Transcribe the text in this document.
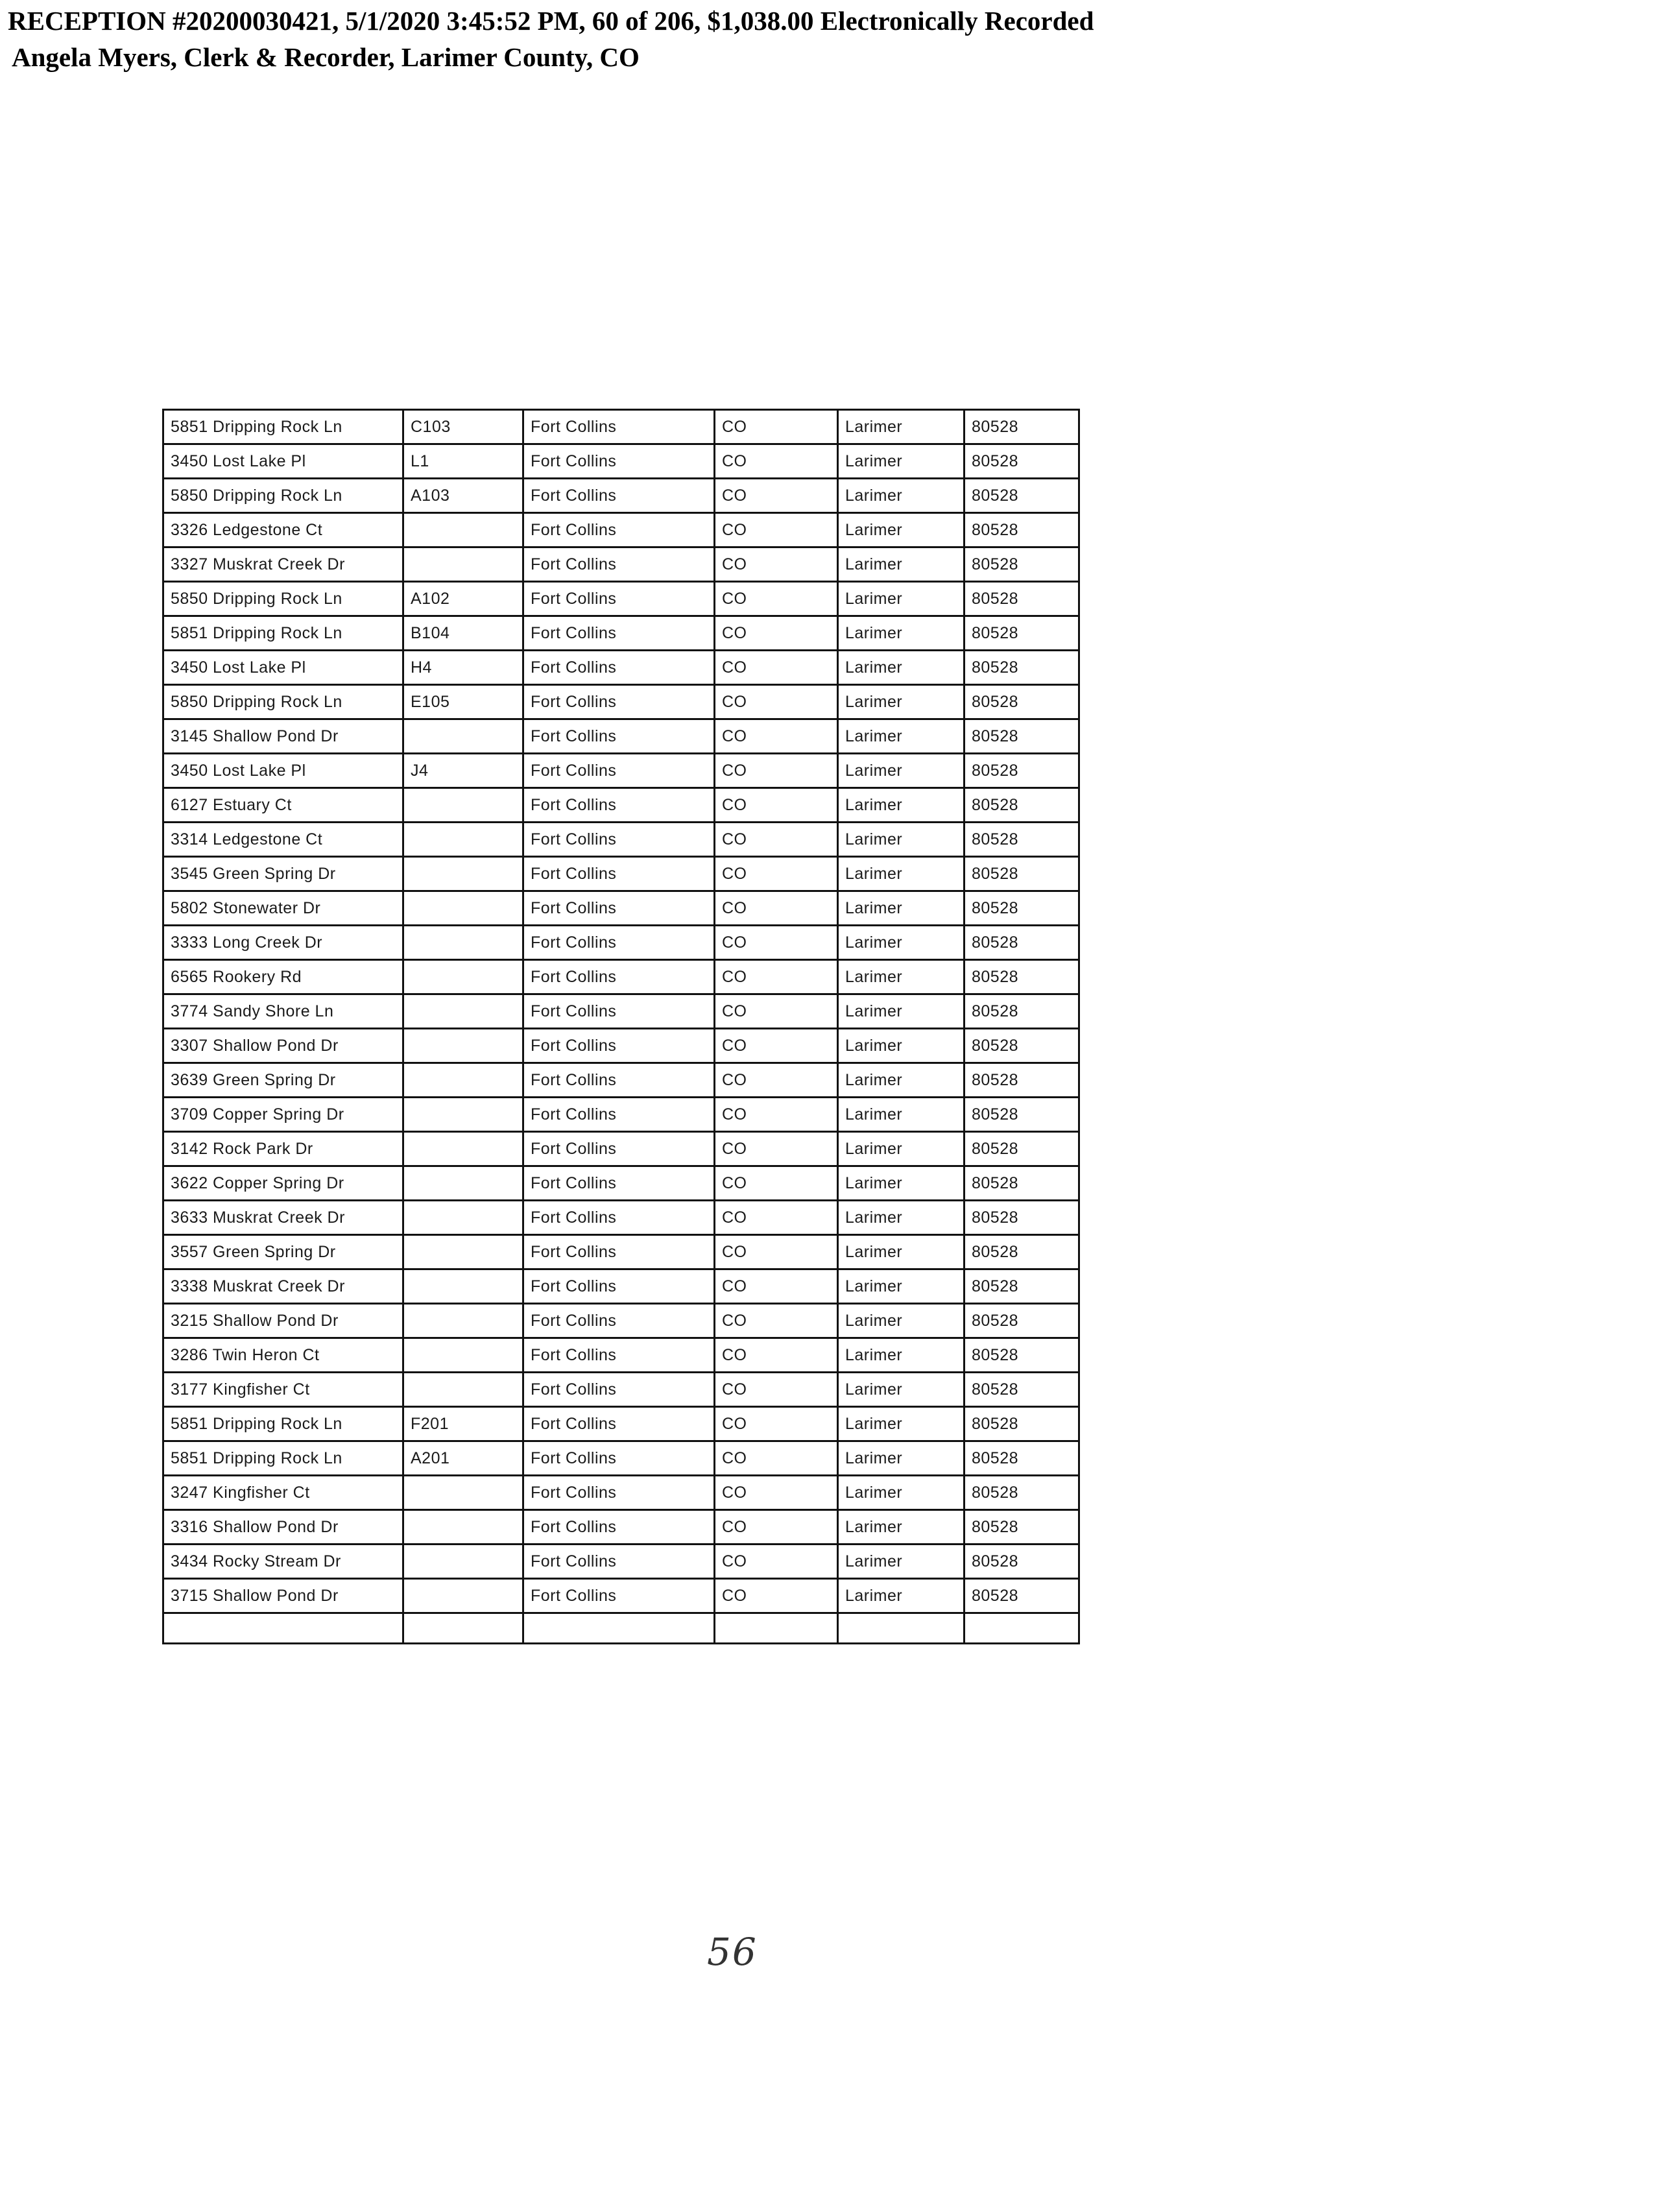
RECEPTION #20200030421, 5/1/2020 3:45:52 PM, 60 of 206, $1,038.00 Electronically Recorded
Angela Myers, Clerk & Recorder, Larimer County, CO
5851 Dripping Rock Ln	C103	Fort Collins	CO	Larimer	80528
3450 Lost Lake Pl	L1	Fort Collins	CO	Larimer	80528
5850 Dripping Rock Ln	A103	Fort Collins	CO	Larimer	80528
3326 Ledgestone Ct		Fort Collins	CO	Larimer	80528
3327 Muskrat Creek Dr		Fort Collins	CO	Larimer	80528
5850 Dripping Rock Ln	A102	Fort Collins	CO	Larimer	80528
5851 Dripping Rock Ln	B104	Fort Collins	CO	Larimer	80528
3450 Lost Lake Pl	H4	Fort Collins	CO	Larimer	80528
5850 Dripping Rock Ln	E105	Fort Collins	CO	Larimer	80528
3145 Shallow Pond Dr		Fort Collins	CO	Larimer	80528
3450 Lost Lake Pl	J4	Fort Collins	CO	Larimer	80528
6127 Estuary Ct		Fort Collins	CO	Larimer	80528
3314 Ledgestone Ct		Fort Collins	CO	Larimer	80528
3545 Green Spring Dr		Fort Collins	CO	Larimer	80528
5802 Stonewater Dr		Fort Collins	CO	Larimer	80528
3333 Long Creek Dr		Fort Collins	CO	Larimer	80528
6565 Rookery Rd		Fort Collins	CO	Larimer	80528
3774 Sandy Shore Ln		Fort Collins	CO	Larimer	80528
3307 Shallow Pond Dr		Fort Collins	CO	Larimer	80528
3639 Green Spring Dr		Fort Collins	CO	Larimer	80528
3709 Copper Spring Dr		Fort Collins	CO	Larimer	80528
3142 Rock Park Dr		Fort Collins	CO	Larimer	80528
3622 Copper Spring Dr		Fort Collins	CO	Larimer	80528
3633 Muskrat Creek Dr		Fort Collins	CO	Larimer	80528
3557 Green Spring Dr		Fort Collins	CO	Larimer	80528
3338 Muskrat Creek Dr		Fort Collins	CO	Larimer	80528
3215 Shallow Pond Dr		Fort Collins	CO	Larimer	80528
3286 Twin Heron Ct		Fort Collins	CO	Larimer	80528
3177 Kingfisher Ct		Fort Collins	CO	Larimer	80528
5851 Dripping Rock Ln	F201	Fort Collins	CO	Larimer	80528
5851 Dripping Rock Ln	A201	Fort Collins	CO	Larimer	80528
3247 Kingfisher Ct		Fort Collins	CO	Larimer	80528
3316 Shallow Pond Dr		Fort Collins	CO	Larimer	80528
3434 Rocky Stream Dr		Fort Collins	CO	Larimer	80528
3715 Shallow Pond Dr		Fort Collins	CO	Larimer	80528

56
